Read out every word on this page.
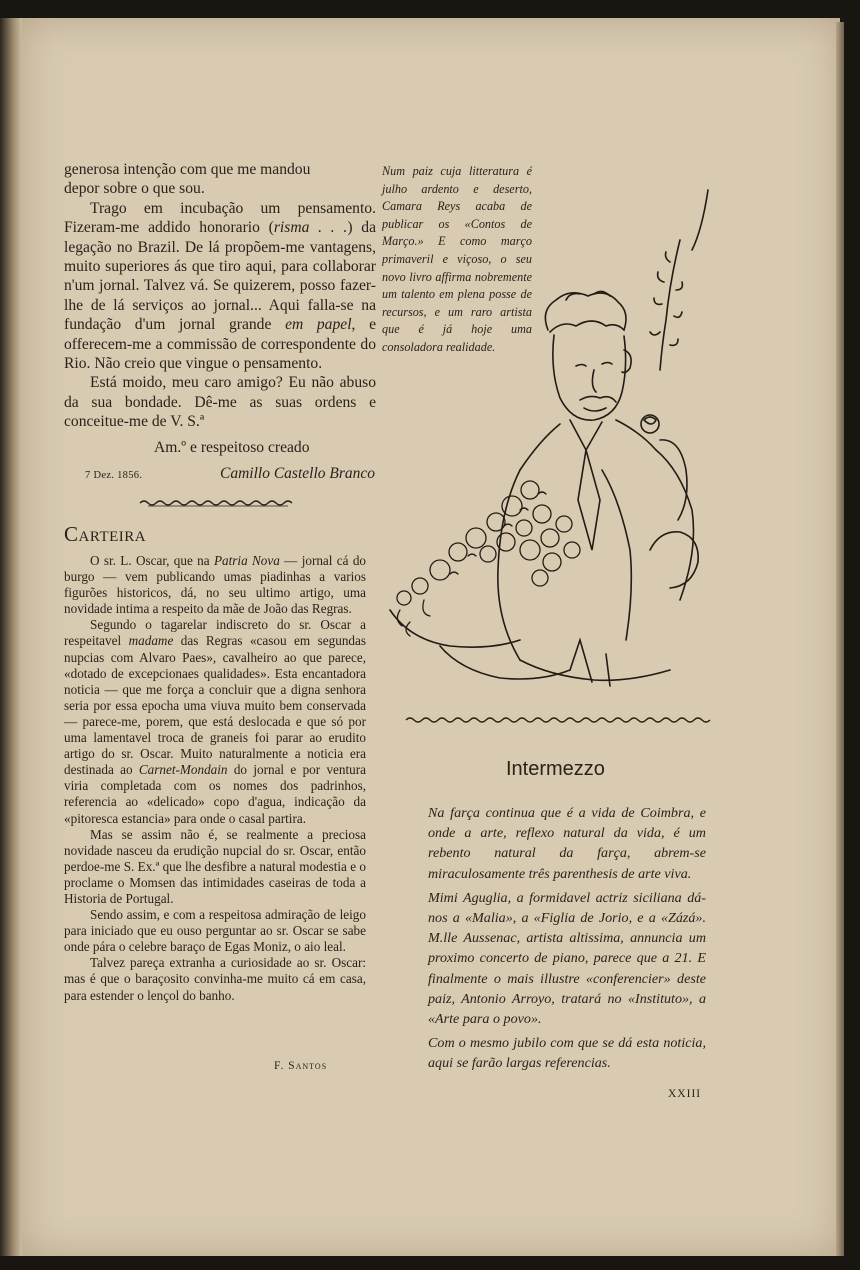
generosa intenção com que me mandou

depor sobre o que sou.

Trago em incubação um pensamento. Fizeram-me addido honorario (risma . . .) da legação no Brazil. De lá propõem-me vantagens, muito superiores ás que tiro aqui, para collaborar n'um jornal. Talvez vá. Se quizerem, posso fazer-lhe de lá serviços ao jornal... Aqui falla-se na fundação d'um jornal grande em papel, e offerecem-me a commissão de correspondente do Rio. Não creio que vingue o pensamento.

Está moido, meu caro amigo? Eu não abuso da sua bondade. Dê-me as suas ordens e conceitue-me de V. S.ª

Am.º e respeitoso creado

7 Dez. 1856.	Camillo Castello Branco
Carteira

O sr. L. Oscar, que na Patria Nova — jornal cá do burgo — vem publicando umas piadinhas a varios figurões historicos, dá, no seu ultimo artigo, uma novidade intima a respeito da mãe de João das Regras.

Segundo o tagarelar indiscreto do sr. Oscar a respeitavel madame das Regras «casou em segundas nupcias com Alvaro Paes», cavalheiro ao que parece, «dotado de excepcionaes qualidades». Esta encantadora noticia — que me força a concluir que a digna senhora seria por essa epocha uma viuva muito bem conservada — parece-me, porem, que está deslocada e que só por uma lamentavel troca de graneis foi parar ao erudito artigo do sr. Oscar. Muito naturalmente a noticia era destinada ao Carnet-Mondain do jornal e por ventura viria completada com os nomes dos padrinhos, referencia ao «delicado» copo d'agua, indicação da «pitoresca estancia» para onde o casal partira.

Mas se assim não é, se realmente a preciosa novidade nasceu da erudição nupcial do sr. Oscar, então perdoe-me S. Ex.ª que lhe desfibre a natural modestia e o proclame o Momsen das intimidades caseiras de toda a Historia de Portugal.

Sendo assim, e com a respeitosa admiração de leigo para iniciado que eu ouso perguntar ao sr. Oscar se sabe onde pára o celebre baraço de Egas Moniz, o aio leal.

Talvez pareça extranha a curiosidade ao sr. Oscar: mas é que o baraçosito convinha-me muito cá em casa, para estender o lençol do banho.

F. Santos
Num paiz cuja litteratura é julho ardento e deserto, Camara Reys acaba de publicar os «Contos de Março.» E como março primaveril e viçoso, o seu novo livro affirma nobremente um talento em plena posse de recursos, e um raro artista que é já hoje uma consoladora realidade.
Intermezzo

Na farça continua que é a vida de Coimbra, e onde a arte, reflexo natural da vida, é um rebento natural da farça, abrem-se miraculosamente três parenthesis de arte viva.

Mimi Aguglia, a formidavel actriz siciliana dá-nos a «Malia», a «Figlia de Jorio, e a «Zázá». M.lle Aussenac, artista altissima, annuncia um proximo concerto de piano, parece que a 21. E finalmente o mais illustre «conferencier» deste paiz, Antonio Arroyo, tratará no «Instituto», a «Arte para o povo».

Com o mesmo jubilo com que se dá esta noticia, aqui se farão largas referencias.

XXIII
